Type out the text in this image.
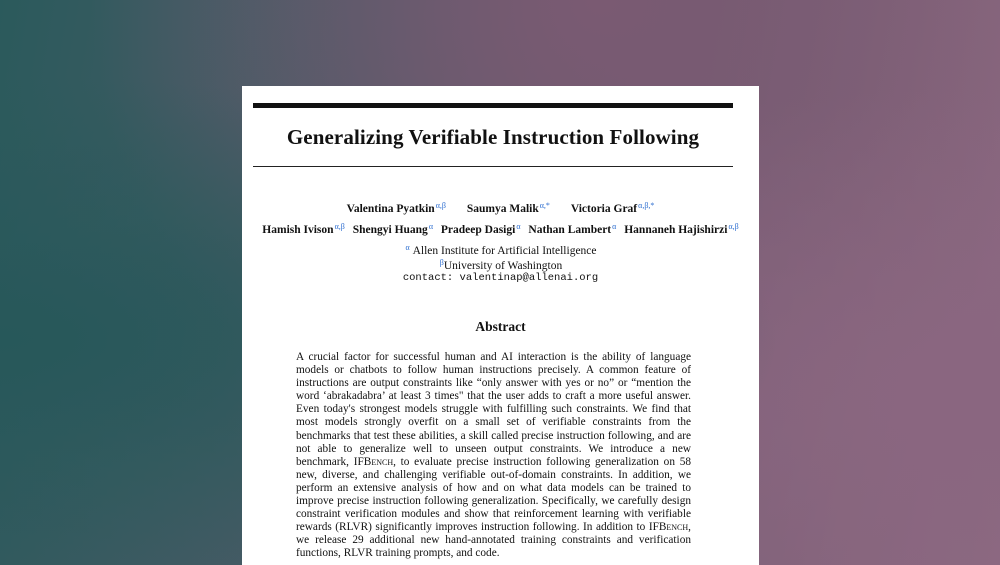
Generalizing Verifiable Instruction Following
Valentina Pyatkin$^{\alpha,\beta}$ Saumya Malik$^{\alpha,*}$ Victoria Graf$^{\alpha,\beta,*}$
Hamish Ivison$^{\alpha,\beta}$ Shengyi Huang$^\alpha$ Pradeep Dasigi$^\alpha$ Nathan Lambert$^\alpha$ Hannaneh Hajishirzi$^{\alpha,\beta}$
$^\alpha$ Allen Institute for Artificial Intelligence
$^\beta$University of Washington
contact: valentinap@allenai.org
Abstract
A crucial factor for successful human and AI interaction is the ability of language models or chatbots to follow human instructions precisely. A common feature of instructions are output constraints like “only answer with yes or no” or “mention the word ‘abrakadabra’ at least 3 times" that the user adds to craft a more useful answer. Even today's strongest models struggle with fulfilling such constraints. We find that most models strongly overfit on a small set of verifiable constraints from the benchmarks that test these abilities, a skill called precise instruction following, and are not able to generalize well to unseen output constraints. We introduce a new benchmark, IFBench, to evaluate precise instruction following generalization on 58 new, diverse, and challenging verifiable out-of-domain constraints. In addition, we perform an extensive analysis of how and on what data models can be trained to improve precise instruction following generalization. Specifically, we carefully design constraint verification modules and show that reinforcement learning with verifiable rewards (RLVR) significantly improves instruction following. In addition to IFBench, we release 29 additional new hand-annotated training constraints and verification functions, RLVR training prompts, and code.
